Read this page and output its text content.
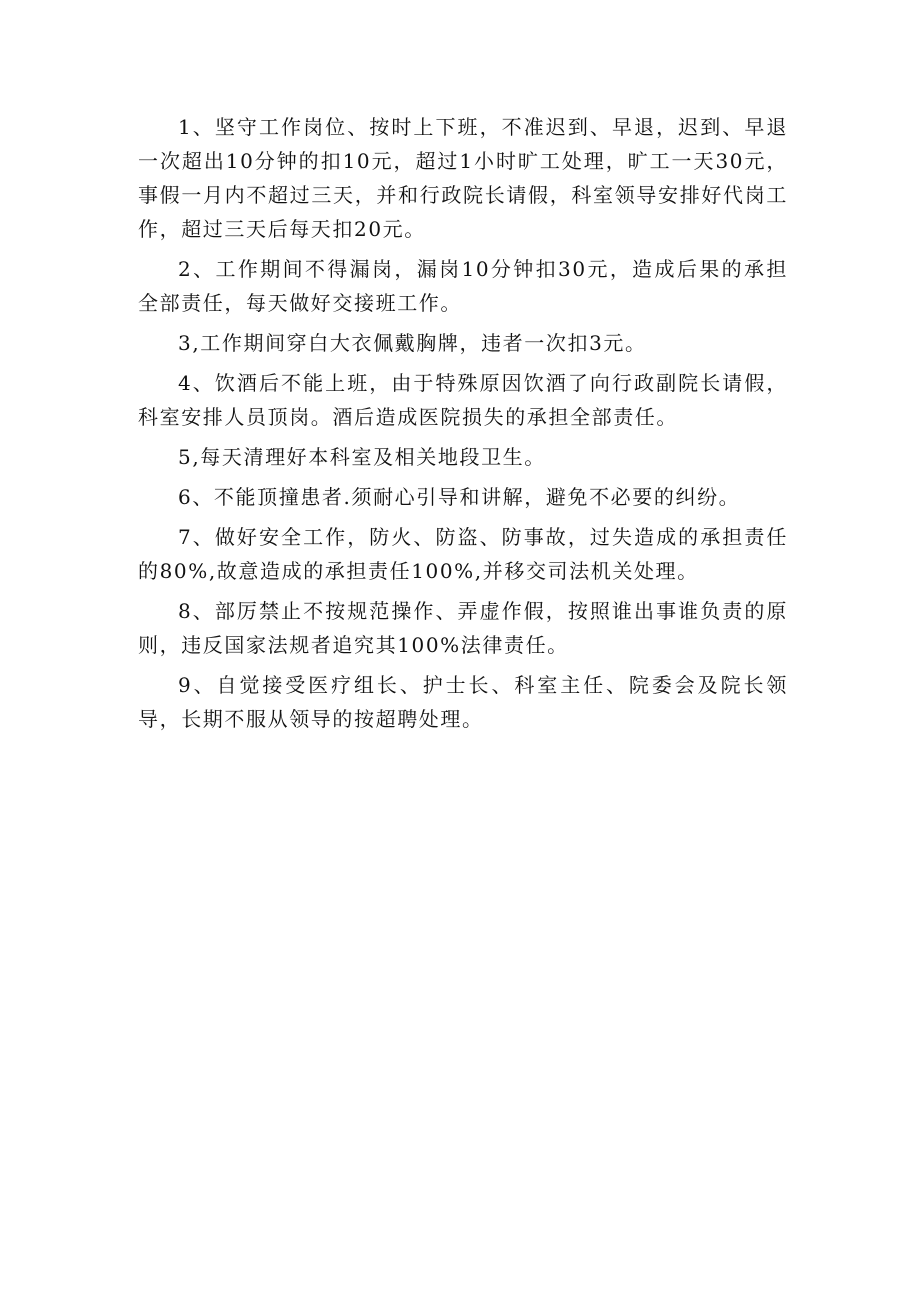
1、坚守工作岗位、按时上下班，不准迟到、早退，迟到、早退一次超出10分钟的扣10元，超过1小时旷工处理，旷工一天30元，事假一月内不超过三天，并和行政院长请假，科室领导安排好代岗工作，超过三天后每天扣20元。

2、工作期间不得漏岗，漏岗10分钟扣30元，造成后果的承担全部责任，每天做好交接班工作。

3,工作期间穿白大衣佩戴胸牌，违者一次扣3元。

4、饮酒后不能上班，由于特殊原因饮酒了向行政副院长请假，科室安排人员顶岗。酒后造成医院损失的承担全部责任。

5,每天清理好本科室及相关地段卫生。

6、不能顶撞患者.须耐心引导和讲解，避免不必要的纠纷。

7、做好安全工作，防火、防盗、防事故，过失造成的承担责任的80%,故意造成的承担责任100%,并移交司法机关处理。

8、部厉禁止不按规范操作、弄虚作假，按照谁出事谁负责的原则，违反国家法规者追究其100%法律责任。

9、自觉接受医疗组长、护士长、科室主任、院委会及院长领导，长期不服从领导的按超聘处理。
